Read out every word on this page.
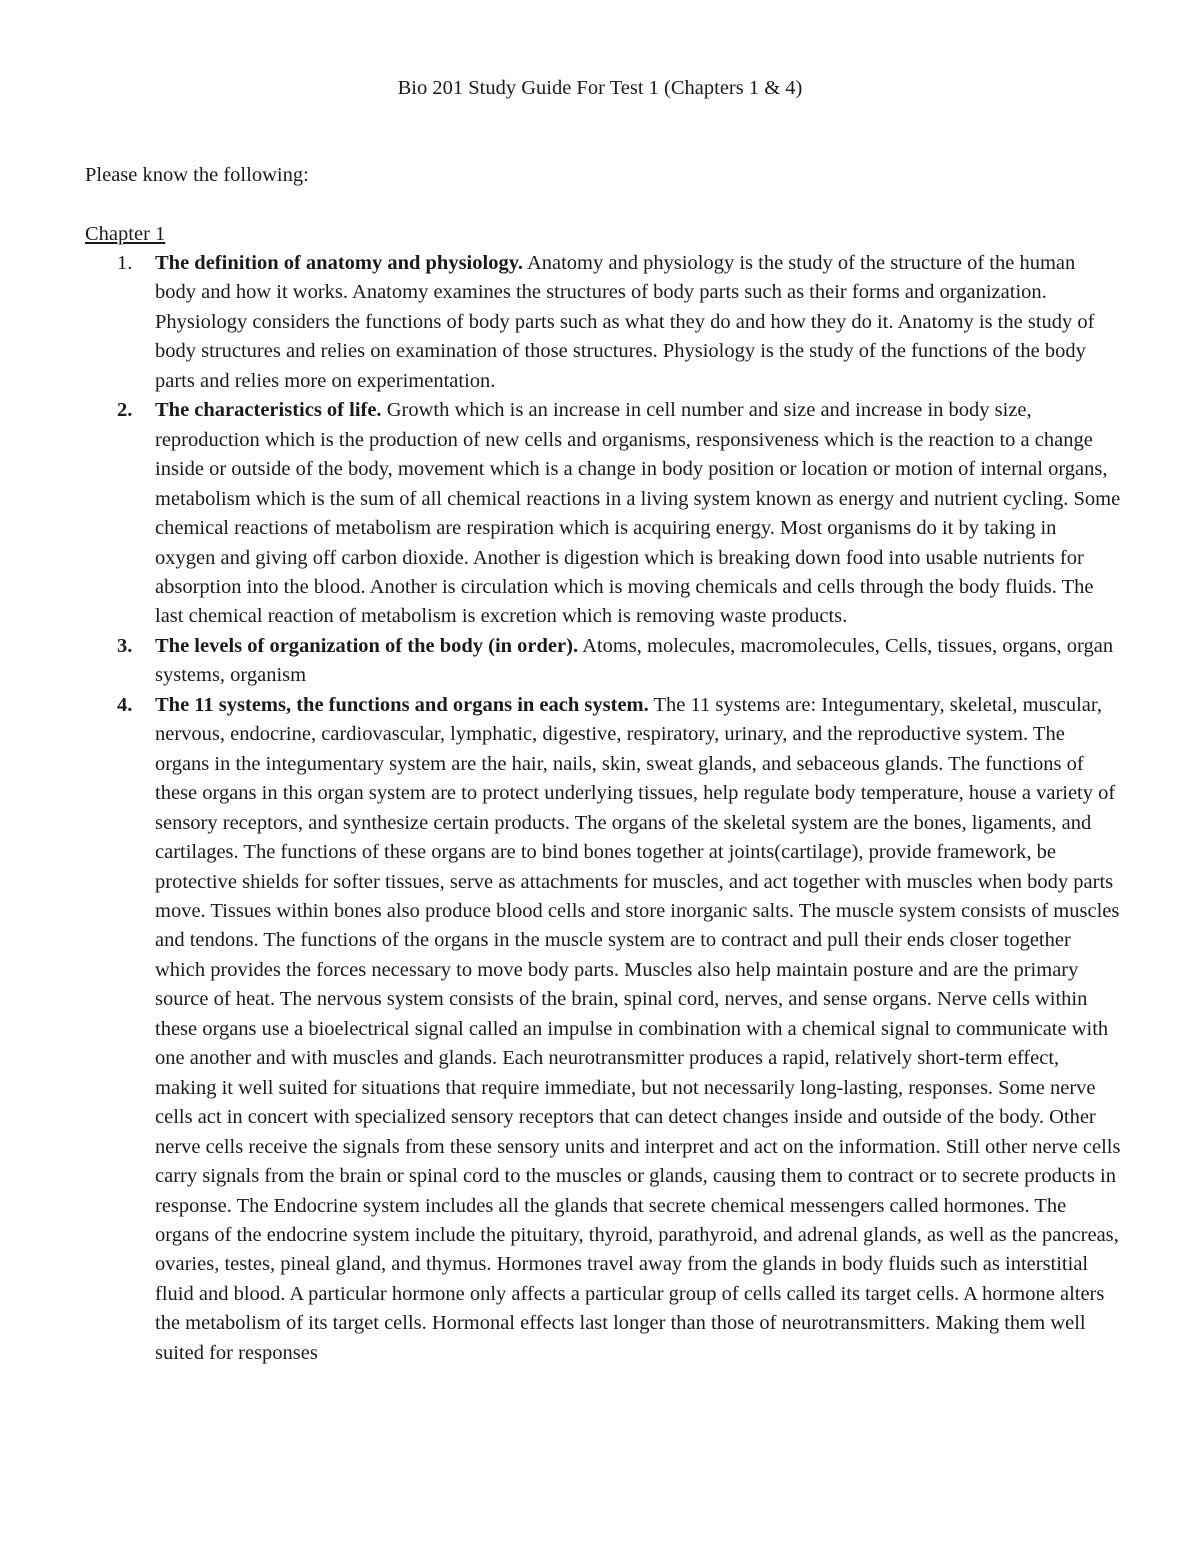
Bio 201 Study Guide For Test 1 (Chapters 1 & 4)

Please know the following:

Chapter 1

1. The definition of anatomy and physiology. Anatomy and physiology is the study of the structure of the human body and how it works. Anatomy examines the structures of body parts such as their forms and organization. Physiology considers the functions of body parts such as what they do and how they do it. Anatomy is the study of body structures and relies on examination of those structures. Physiology is the study of the functions of the body parts and relies more on experimentation.
2. The characteristics of life. Growth which is an increase in cell number and size and increase in body size, reproduction which is the production of new cells and organisms, responsiveness which is the reaction to a change inside or outside of the body, movement which is a change in body position or location or motion of internal organs, metabolism which is the sum of all chemical reactions in a living system known as energy and nutrient cycling. Some chemical reactions of metabolism are respiration which is acquiring energy. Most organisms do it by taking in oxygen and giving off carbon dioxide. Another is digestion which is breaking down food into usable nutrients for absorption into the blood. Another is circulation which is moving chemicals and cells through the body fluids. The last chemical reaction of metabolism is excretion which is removing waste products.
3. The levels of organization of the body (in order). Atoms, molecules, macromolecules, Cells, tissues, organs, organ systems, organism
4. The 11 systems, the functions and organs in each system. The 11 systems are: Integumentary, skeletal, muscular, nervous, endocrine, cardiovascular, lymphatic, digestive, respiratory, urinary, and the reproductive system. The organs in the integumentary system are the hair, nails, skin, sweat glands, and sebaceous glands. The functions of these organs in this organ system are to protect underlying tissues, help regulate body temperature, house a variety of sensory receptors, and synthesize certain products. The organs of the skeletal system are the bones, ligaments, and cartilages. The functions of these organs are to bind bones together at joints(cartilage), provide framework, be protective shields for softer tissues, serve as attachments for muscles, and act together with muscles when body parts move. Tissues within bones also produce blood cells and store inorganic salts. The muscle system consists of muscles and tendons. The functions of the organs in the muscle system are to contract and pull their ends closer together which provides the forces necessary to move body parts. Muscles also help maintain posture and are the primary source of heat. The nervous system consists of the brain, spinal cord, nerves, and sense organs. Nerve cells within these organs use a bioelectrical signal called an impulse in combination with a chemical signal to communicate with one another and with muscles and glands. Each neurotransmitter produces a rapid, relatively short-term effect, making it well suited for situations that require immediate, but not necessarily long-lasting, responses. Some nerve cells act in concert with specialized sensory receptors that can detect changes inside and outside of the body. Other nerve cells receive the signals from these sensory units and interpret and act on the information. Still other nerve cells carry signals from the brain or spinal cord to the muscles or glands, causing them to contract or to secrete products in response. The Endocrine system includes all the glands that secrete chemical messengers called hormones. The organs of the endocrine system include the pituitary, thyroid, parathyroid, and adrenal glands, as well as the pancreas, ovaries, testes, pineal gland, and thymus. Hormones travel away from the glands in body fluids such as interstitial fluid and blood. A particular hormone only affects a particular group of cells called its target cells. A hormone alters the metabolism of its target cells. Hormonal effects last longer than those of neurotransmitters. Making them well suited for responses
